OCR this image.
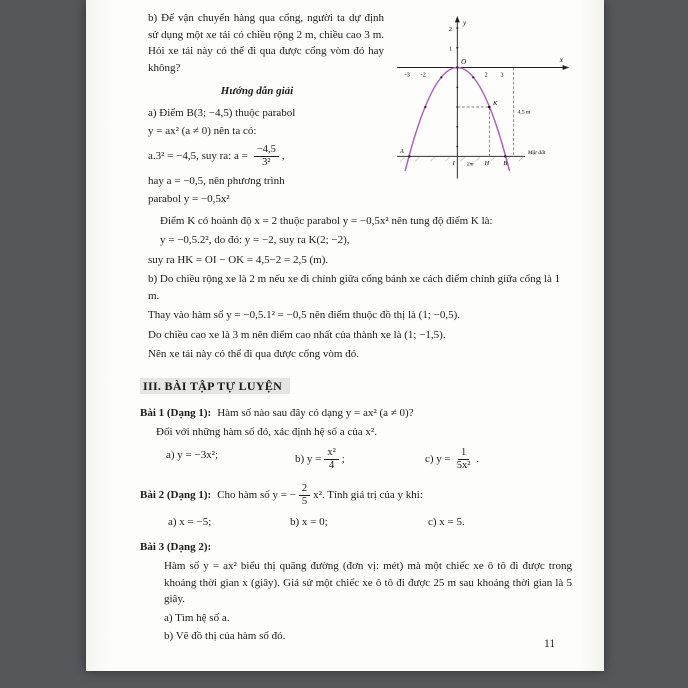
b) Để vận chuyển hàng qua cổng, người ta dự định sử dụng một xe tải có chiều rộng 2 m, chiều cao 3 m. Hỏi xe tải này có thể đi qua được cổng vòm đó hay không?
Hướng dẫn giải
a) Điểm B(3; −4,5) thuộc parabol
y = ax² (a ≠ 0) nên ta có:
a.3² = −4,5, suy ra: $a = \frac{-4,5}{\text{3²}}$ ,
hay a = −0,5, nên phương trình
parabol y = −0,5x²
y
x
O
2
1
-3 -2	2 3
Mặt đất
4,5 m
K
A
I 2m H B
Điểm K có hoành độ x = 2 thuộc parabol y = −0,5x² nên tung độ điểm K là:
y = −0,5.2², do đó: y = −2, suy ra K(2; −2),
suy ra HK = OI − OK = 4,5−2 = 2,5 (m).
b) Do chiều rộng xe là 2 m nếu xe đi chính giữa cổng bánh xe cách điểm chính giữa cổng là 1 m.
Thay vào hàm số y = −0,5.1² = −0,5 nên điểm thuộc đồ thị là (1; −0,5).
Do chiều cao xe là 3 m nên điểm cao nhất của thành xe là (1; −1,5).
Nên xe tải này có thể đi qua được cổng vòm đó.
III. BÀI TẬP TỰ LUYỆN
Bài 1 (Dạng 1): Hàm số nào sau đây có dạng y = ax² (a ≠ 0)?
Đối với những hàm số đó, xác định hệ số a của x².
a) y = −3x²;	b) $y = \frac{\text{x²}}{4}$ ;	c) $y = \frac{1}{\text{5x²}}$ .
Bài 2 (Dạng 1): Cho hàm số y = − $\frac{2}{5} x^2$. Tính giá trị của y khi:
a) x = −5;	b) x = 0;	c) x = 5.
Bài 3 (Dạng 2):
Hàm số y = ax² biểu thị quãng đường (đơn vị: mét) mà một chiếc xe ô tô đi được trong khoảng thời gian x (giây). Giả sử một chiếc xe ô tô đi được 25 m sau khoảng thời gian là 5 giây.
a) Tìm hệ số a.
b) Vẽ đồ thị của hàm số đó.
11
